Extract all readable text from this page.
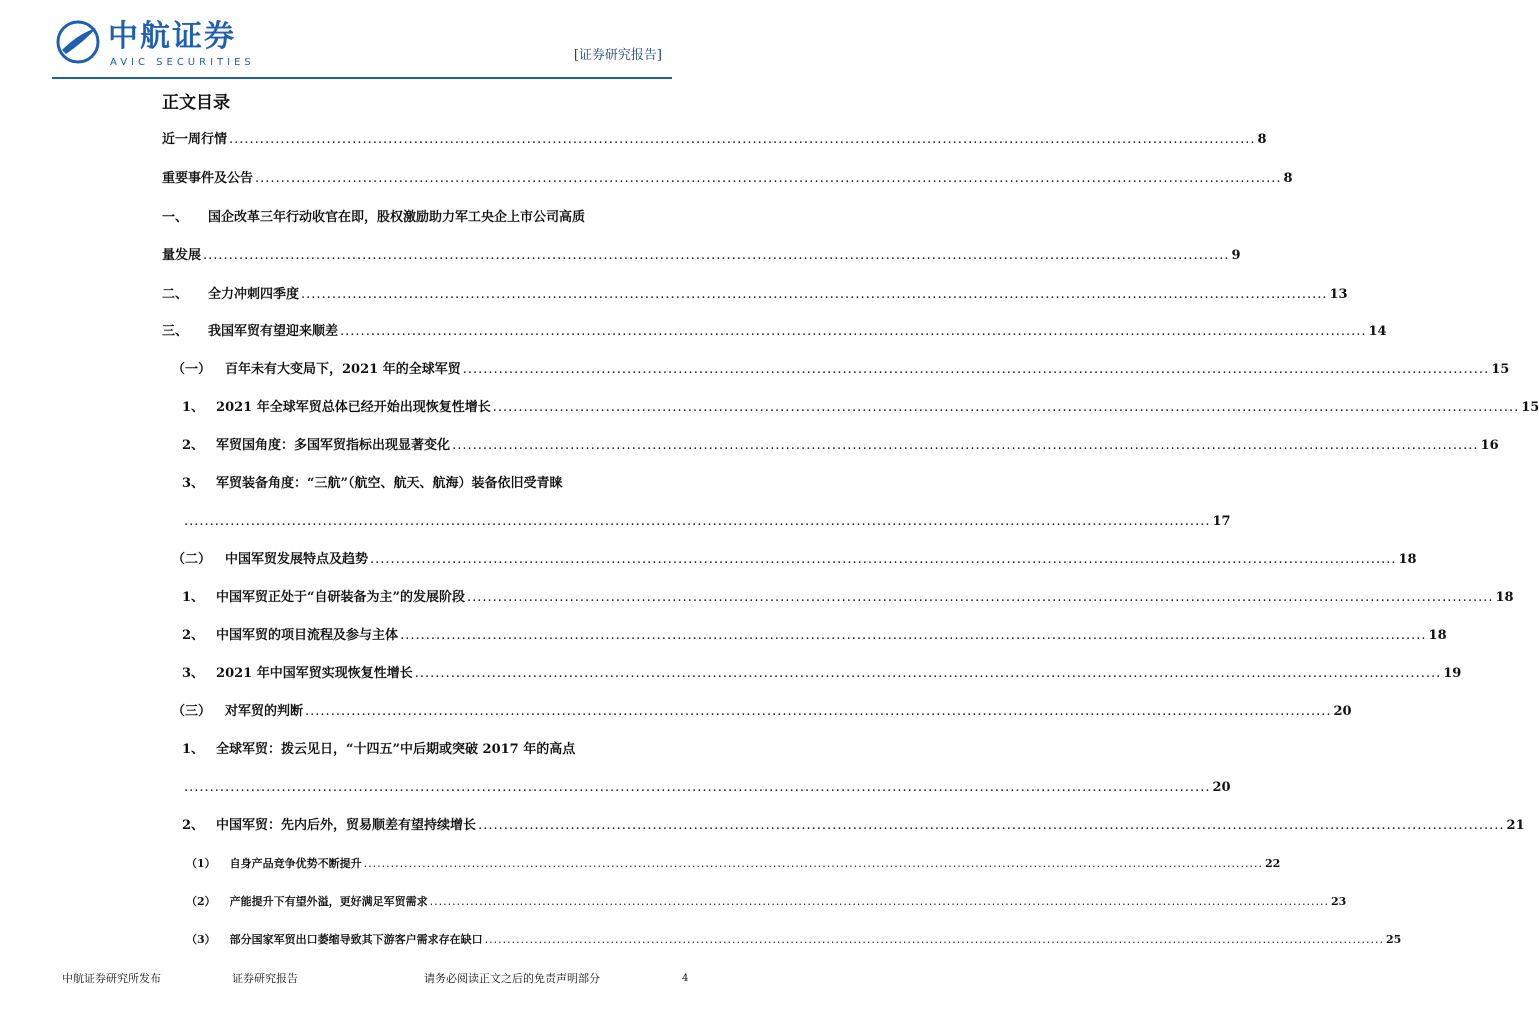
AVIC 中航证券
AVIC SECURITIES	[证券研究报告]
正文目录
近一周行情 ........................................................................................................................................................................................................ 8
重要事件及公告 ........................................................................................................................................................................................................ 8
一、 国企改革三年行动收官在即，股权激励助力军工央企上市公司高质
量发展 ........................................................................................................................................................................................................ 9
二、 全力冲刺四季度 ........................................................................................................................................................................................................ 13
三、 我国军贸有望迎来顺差 ........................................................................................................................................................................................................ 14
（一） 百年未有大变局下，2021 年的全球军贸 ........................................................................................................................................................................................................ 15
1、 2021 年全球军贸总体已经开始出现恢复性增长 ........................................................................................................................................................................................................ 15
2、 军贸国角度：多国军贸指标出现显著变化 ........................................................................................................................................................................................................ 16
3、 军贸装备角度：“三航”（航空、航天、航海）装备依旧受青睐
........................................................................................................................................................................................................ 17
（二） 中国军贸发展特点及趋势 ........................................................................................................................................................................................................ 18
1、 中国军贸正处于“自研装备为主”的发展阶段 ........................................................................................................................................................................................................ 18
2、 中国军贸的项目流程及参与主体 ........................................................................................................................................................................................................ 18
3、 2021 年中国军贸实现恢复性增长 ........................................................................................................................................................................................................ 19
（三） 对军贸的判断 ........................................................................................................................................................................................................ 20
1、 全球军贸：拨云见日，“十四五”中后期或突破 2017 年的高点
........................................................................................................................................................................................................ 20
2、 中国军贸：先内后外，贸易顺差有望持续增长 ........................................................................................................................................................................................................ 21
（1） 自身产品竞争优势不断提升 ........................................................................................................................................................................................................ 22
（2） 产能提升下有望外溢，更好满足军贸需求 ........................................................................................................................................................................................................ 23
（3） 部分国家军贸出口萎缩导致其下游客户需求存在缺口 ........................................................................................................................................................................................................ 25
中航证券研究所发布	证券研究报告	请务必阅读正文之后的免责声明部分	4
